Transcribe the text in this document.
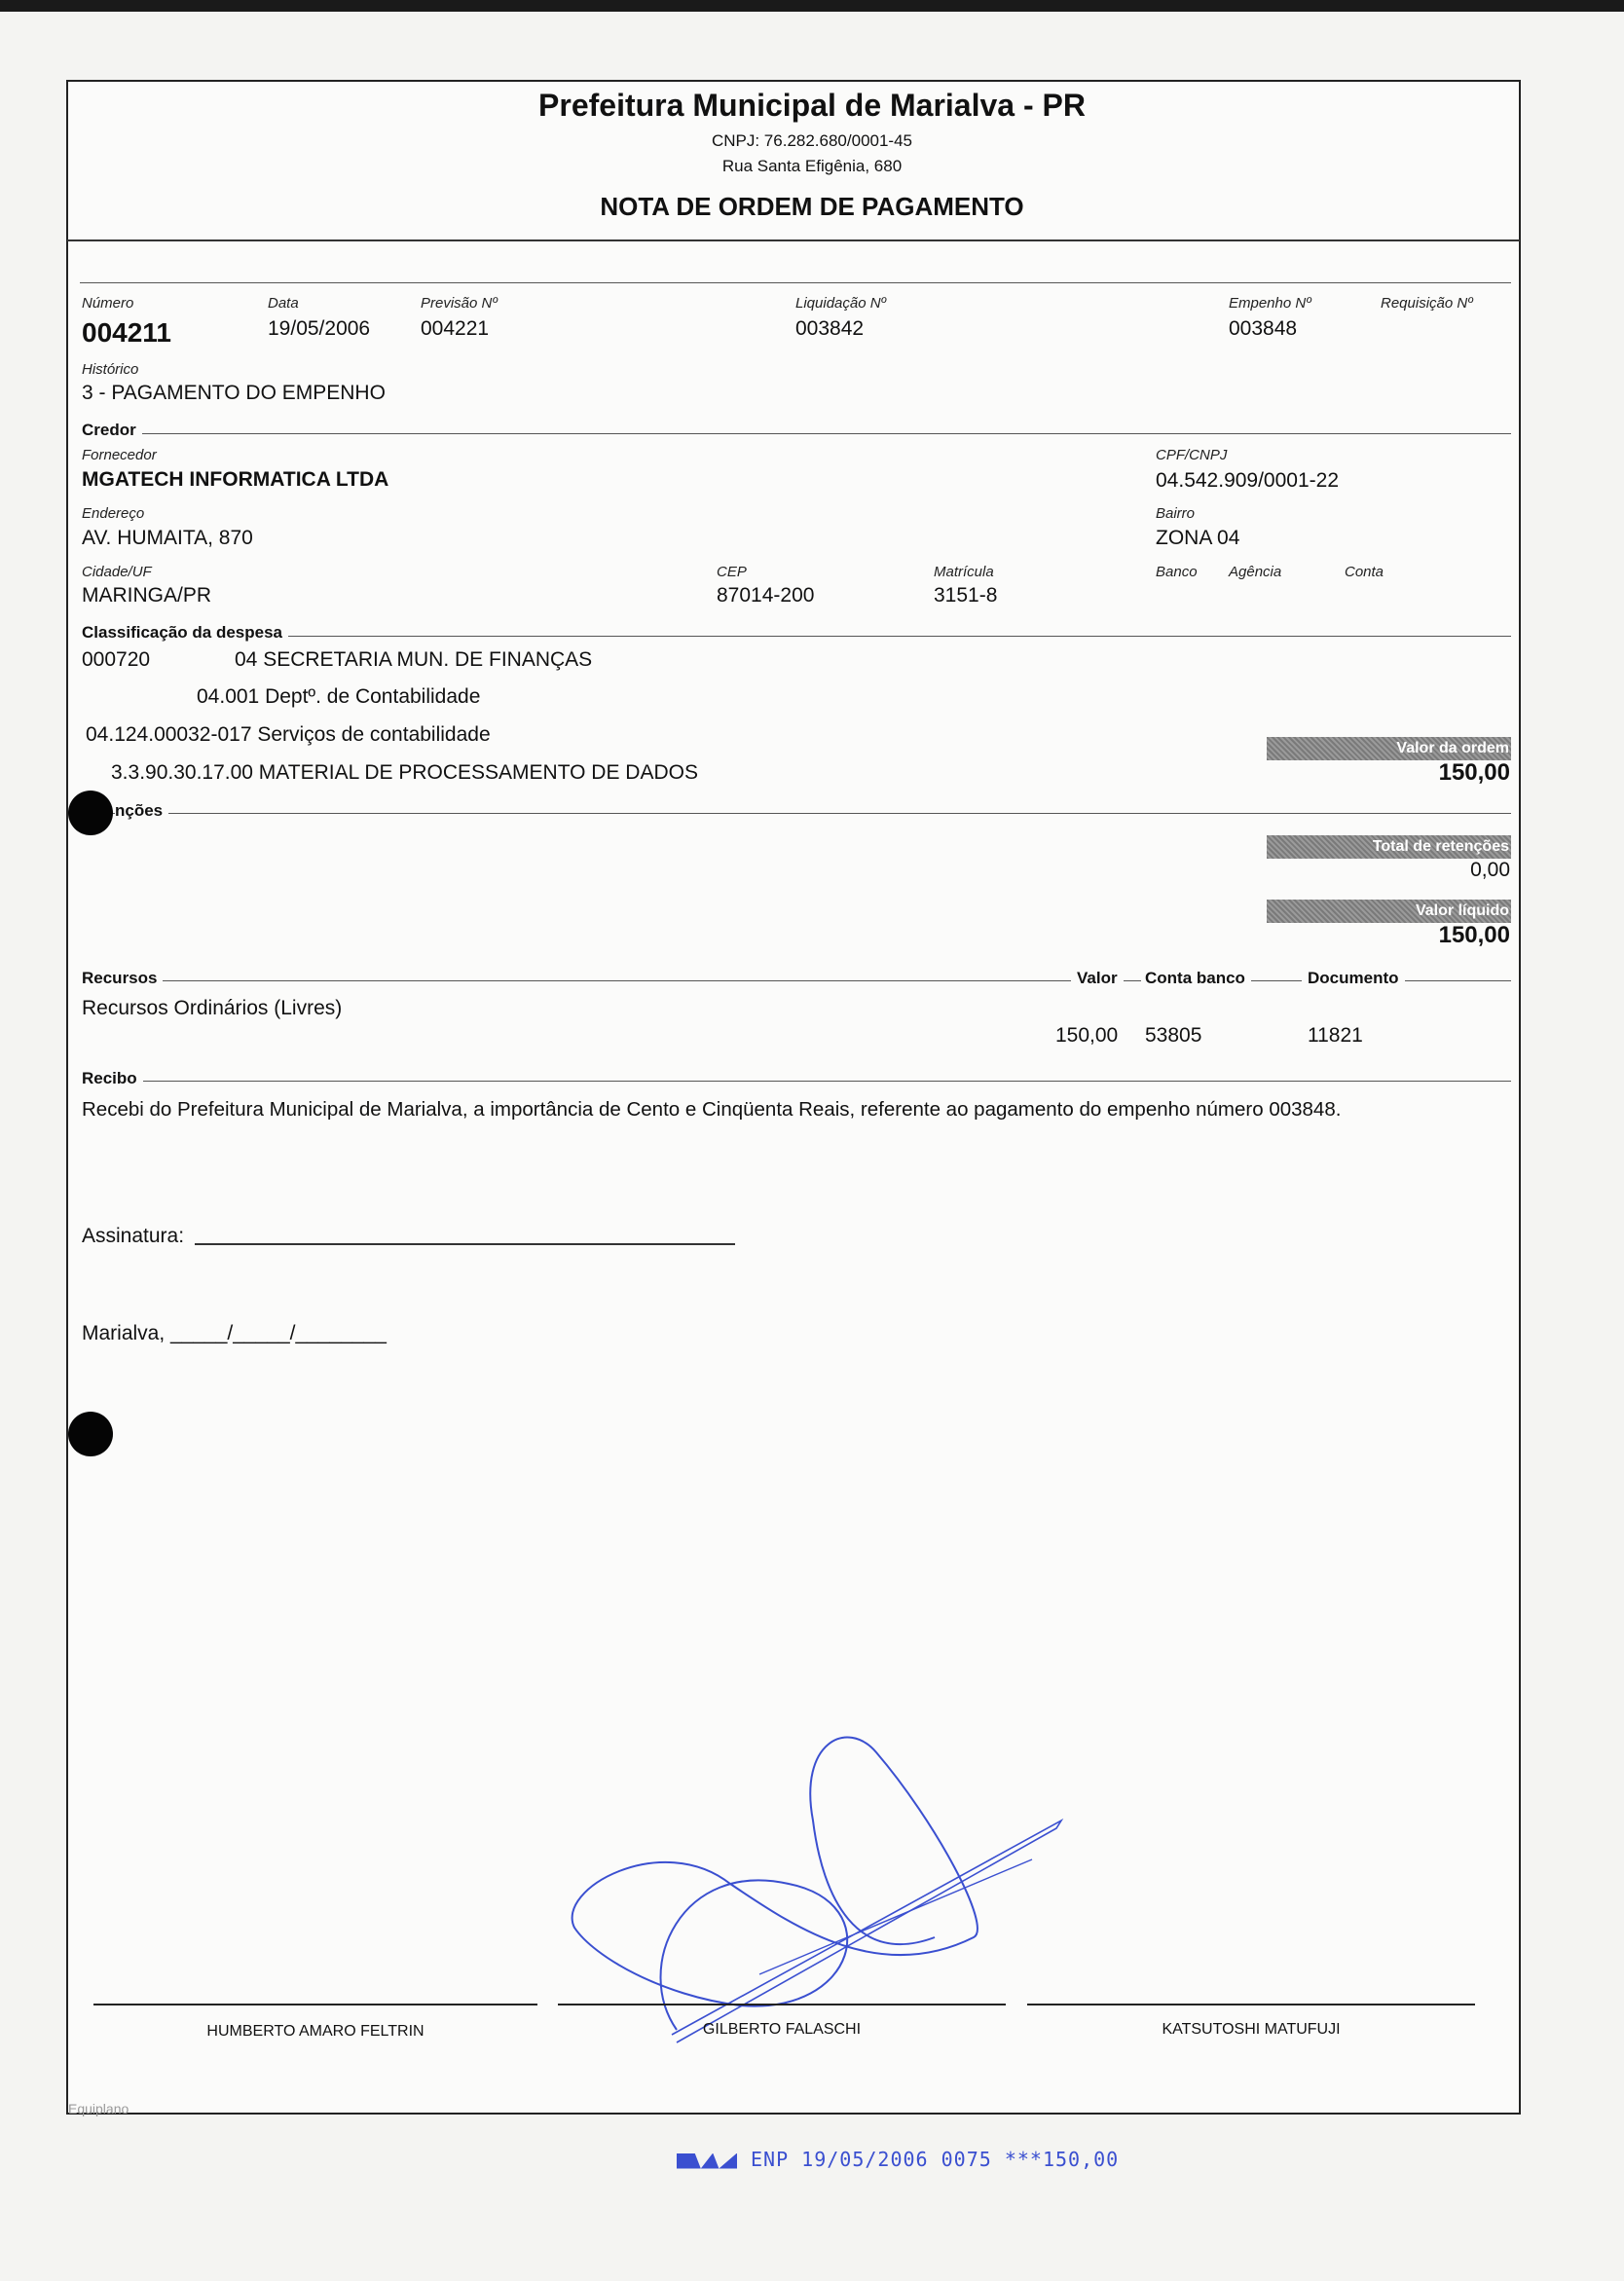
Prefeitura Municipal de Marialva - PR
CNPJ: 76.282.680/0001-45
Rua Santa Efigênia, 680
NOTA DE ORDEM DE PAGAMENTO
Número
004211
Data
19/05/2006
Previsão Nº
004221
Liquidação Nº
003842
Empenho Nº
003848
Requisição Nº
Histórico
3 - PAGAMENTO DO EMPENHO
Credor
Fornecedor
MGATECH INFORMATICA LTDA
CPF/CNPJ
04.542.909/0001-22
Endereço
AV. HUMAITA, 870
Bairro
ZONA 04
Cidade/UF
MARINGA/PR
CEP
87014-200
Matrícula
3151-8
Banco Agência	Conta
Classificação da despesa
000720	04 SECRETARIA MUN. DE FINANÇAS
04.001 Deptº. de Contabilidade
04.124.00032-017 Serviços de contabilidade
3.3.90.30.17.00 MATERIAL DE PROCESSAMENTO DE DADOS
Valor da ordem
150,00
nções
Total de retenções
0,00
Valor líquido
150,00
Recursos	Valor	Conta banco	Documento
Recursos Ordinários (Livres)
150,00 53805	11821
Recibo
Recebi do Prefeitura Municipal de Marialva, a importância de Cento e Cinqüenta Reais, referente ao pagamento do empenho número 003848.
Assinatura:
Marialva, _____/_____/________
HUMBERTO AMARO FELTRIN	GILBERTO FALASCHI	KATSUTOSHI MATUFUJI
Equiplano
ENP 19/05/2006 0075 ***150,00
